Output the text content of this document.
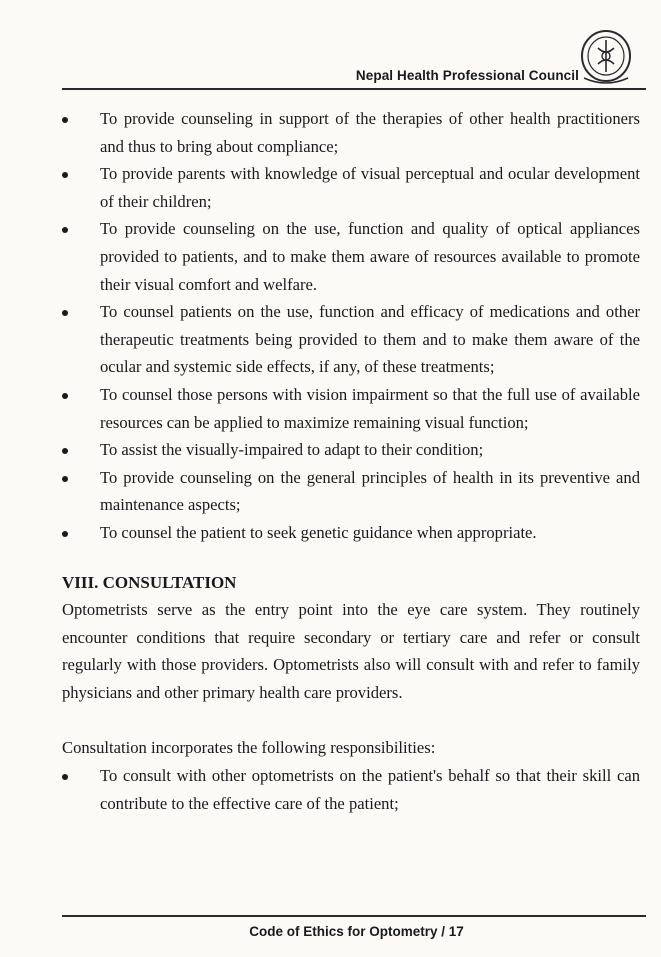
Nepal Health Professional Council
To provide counseling in support of the therapies of other health practitioners and thus to bring about compliance;
To provide parents with knowledge of visual perceptual and ocular development of their children;
To provide counseling on the use, function and quality of optical appliances provided to patients, and to make them aware of resources available to promote their visual comfort and welfare.
To counsel patients on the use, function and efficacy of medications and other therapeutic treatments being provided to them and to make them aware of the ocular and systemic side effects, if any, of these treatments;
To counsel those persons with vision impairment so that the full use of available resources can be applied to maximize remaining visual function;
To assist the visually-impaired to adapt to their condition;
To provide counseling on the general principles of health in its preventive and maintenance aspects;
To counsel the patient to seek genetic guidance when appropriate.
VIII. CONSULTATION

Optometrists serve as the entry point into the eye care system. They routinely encounter conditions that require secondary or tertiary care and refer or consult regularly with those providers. Optometrists also will consult with and refer to family physicians and other primary health care providers.

Consultation incorporates the following responsibilities:

To consult with other optometrists on the patient's behalf so that their skill can contribute to the effective care of the patient;
Code of Ethics for Optometry / 17
